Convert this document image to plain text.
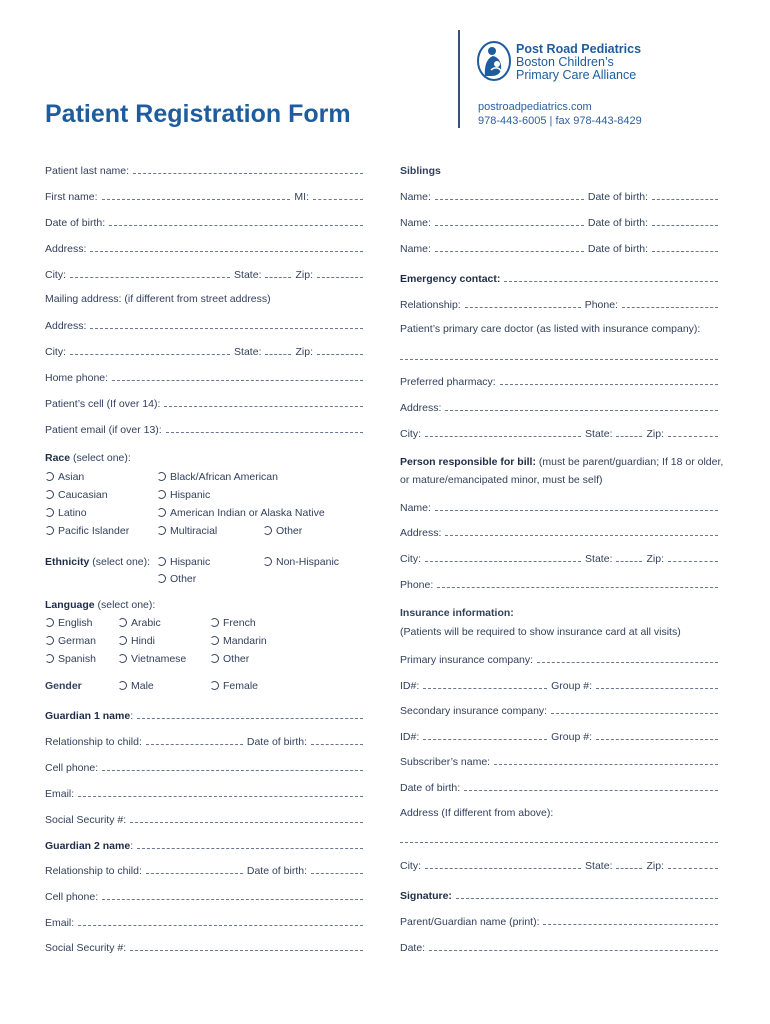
Patient Registration Form
Post Road Pediatrics
Boston Children’s
Primary Care Alliance
postroadpediatrics.com
978-443-6005 | fax 978-443-8429
Patient last name:
First name:	MI:
Date of birth:
Address:
City:	State:	Zip:
Mailing address: (if different from street address)
Address:
City:	State:	Zip:
Home phone:
Patient’s cell (If over 14):
Patient email (if over 13):
Race (select one):
Asian	Black/African American
Caucasian	Hispanic
Latino	American Indian or Alaska Native
Pacific Islander	Multiracial	Other
Ethnicity (select one):	Hispanic	Non-Hispanic
Other
Language (select one):
English	Arabic	French
German	Hindi	Mandarin
Spanish	Vietnamese	Other
Gender	Male	Female
Guardian 1 name :
Relationship to child:	Date of birth:
Cell phone:
Email:
Social Security #:
Guardian 2 name :
Relationship to child:	Date of birth:
Cell phone:
Email:
Social Security #:
Siblings
Name:	Date of birth:
Name:	Date of birth:
Name:	Date of birth:
Emergency contact:
Relationship:	Phone:
Patient’s primary care doctor (as listed with insurance company):
Preferred pharmacy:
Address:
City:	State:	Zip:
Person responsible for bill: (must be parent/guardian; If 18 or older,
or mature/emancipated minor, must be self)
Name:
Address:
City:	State:	Zip:
Phone:
Insurance information:
(Patients will be required to show insurance card at all visits)
Primary insurance company:
ID#:	Group #:
Secondary insurance company:
ID#:	Group #:
Subscriber’s name:
Date of birth:
Address (If different from above):
City:	State:	Zip:
Signature:
Parent/Guardian name (print):
Date:
